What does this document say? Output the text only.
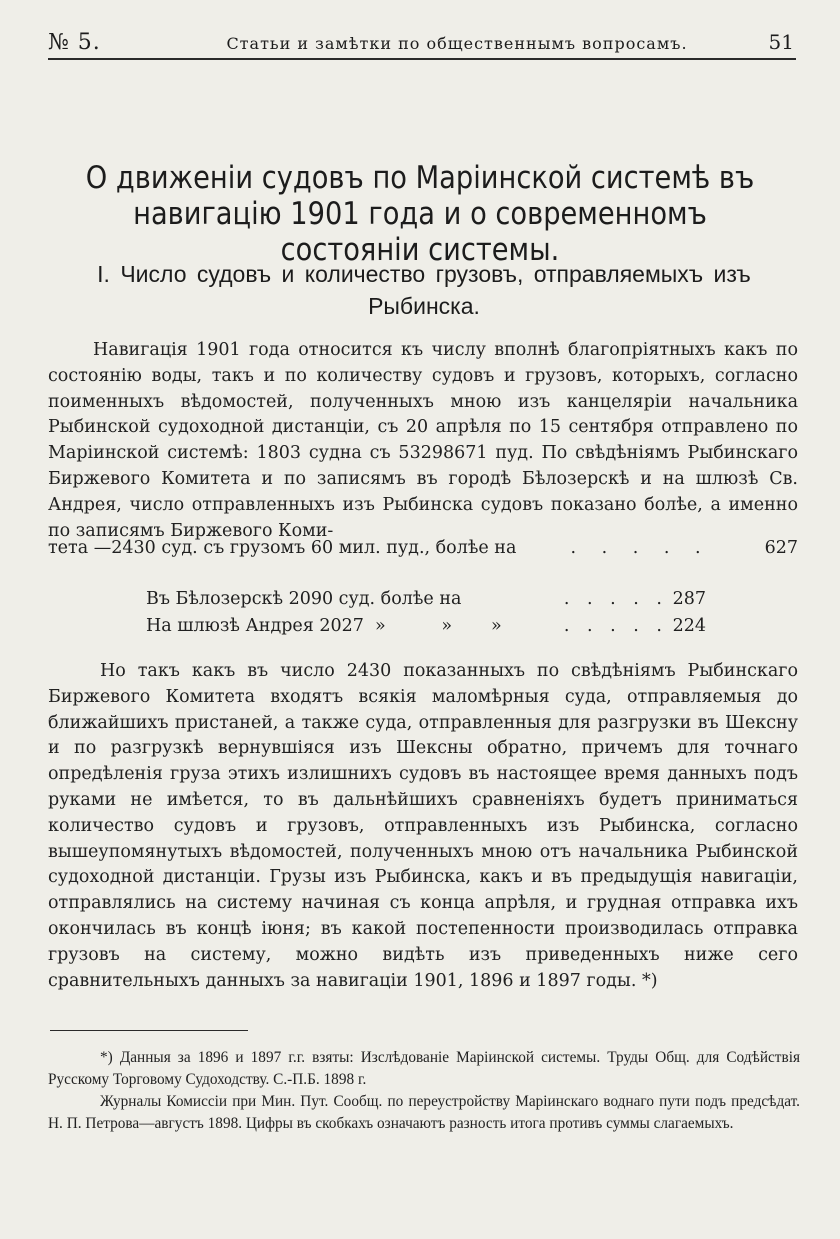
№ 5.	Статьи и замѣтки по общественнымъ вопросамъ.	51
О движеніи судовъ по Маріинской системѣ въ навигацію 1901 года и о современномъ состояніи системы.
I. Число судовъ и количество грузовъ, отправляемыхъ изъ Рыбинска.

Навигація 1901 года относится къ числу вполнѣ благопріятныхъ какъ по состоянію воды, такъ и по количеству судовъ и грузовъ, которыхъ, согласно поименныхъ вѣдомостей, полученныхъ мною изъ канцеляріи начальника Рыбинской судоходной дистанціи, съ 20 апрѣля по 15 сентября отправлено по Маріинской системѣ: 1803 судна съ 53298671 пуд. По свѣдѣніямъ Рыбинскаго Биржевого Комитета и по записямъ въ городѣ Бѣлозерскѣ и на шлюзѣ Св. Андрея, число отправленныхъ изъ Рыбинска судовъ показано болѣе, а именно по записямъ Биржевого Коми-

тета —2430 суд. съ грузомъ 60 мил. пуд., болѣе на	. . . . .	627
Въ Бѣлозерскѣ 2090 суд. болѣе на	. . . . . 287
На шлюзѣ Андрея 2027  »          »       »	. . . . . 224

Но такъ какъ въ число 2430 показанныхъ по свѣдѣніямъ Рыбинскаго Биржевого Комитета входятъ всякія маломѣрныя суда, отправляемыя до ближайшихъ пристаней, а также суда, отправленныя для разгрузки въ Шексну и по разгрузкѣ вернувшіяся изъ Шексны обратно, причемъ для точнаго опредѣленія груза этихъ излишнихъ судовъ въ настоящее время данныхъ подъ руками не имѣется, то въ дальнѣйшихъ сравненіяхъ будетъ приниматься количество судовъ и грузовъ, отправленныхъ изъ Рыбинска, согласно вышеупомянутыхъ вѣдомостей, полученныхъ мною отъ начальника Рыбинской судоходной дистанціи. Грузы изъ Рыбинска, какъ и въ предыдущія навигаціи, отправлялись на систему начиная съ конца апрѣля, и грудная отправка ихъ окончилась въ концѣ іюня; въ какой постепенности производилась отправка грузовъ на систему, можно видѣть изъ приведенныхъ ниже сего сравнительныхъ данныхъ за навигаціи 1901, 1896 и 1897 годы. *)

*) Данныя за 1896 и 1897 г.г. взяты: Изслѣдованіе Маріинской системы. Труды Общ. для Содѣйствія Русскому Торговому Судоходству. С.-П.Б. 1898 г.

Журналы Комиссіи при Мин. Пут. Сообщ. по переустройству Маріинскаго воднаго пути подъ предсѣдат. Н. П. Петрова—августъ 1898. Цифры въ скобкахъ означаютъ разность итога противъ суммы слагаемыхъ.
